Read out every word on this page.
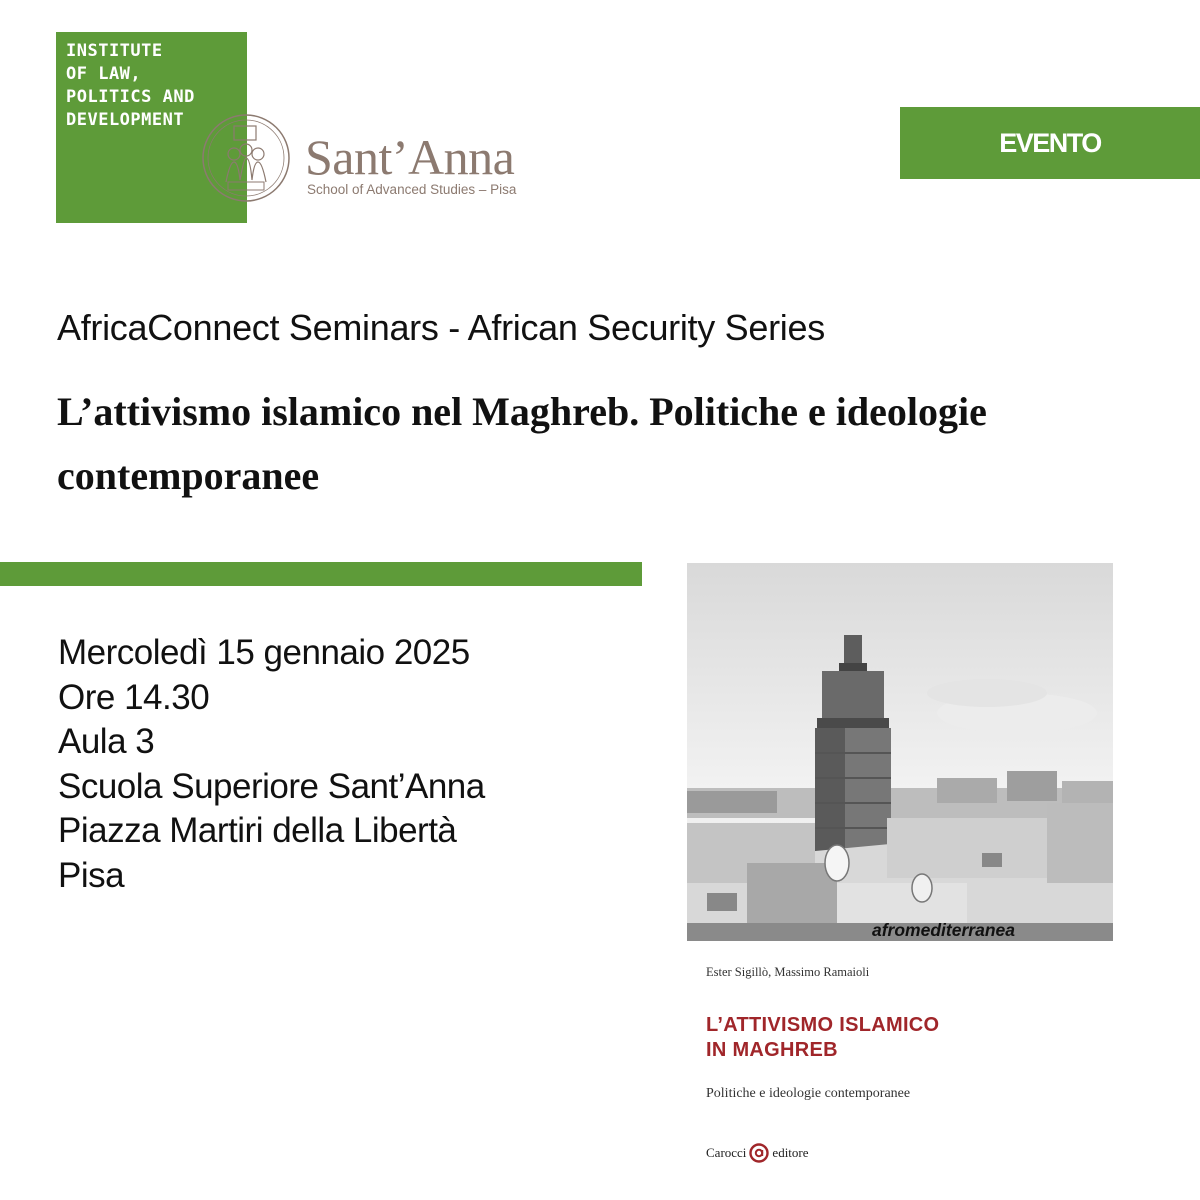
INSTITUTE
OF LAW,
POLITICS AND
DEVELOPMENT
Sant’Anna
School of Advanced Studies – Pisa
EVENTO
AfricaConnect Seminars - African Security Series
L’attivismo islamico nel Maghreb. Politiche e ideologie contemporanee
Mercoledì 15 gennaio 2025
Ore 14.30
Aula 3
Scuola Superiore Sant’Anna
Piazza Martiri della Libertà
Pisa
afromediterranea
Ester Sigillò, Massimo Ramaioli
L’ATTIVISMO ISLAMICO
IN MAGHREB
Politiche e ideologie contemporanee
Carocci editore
